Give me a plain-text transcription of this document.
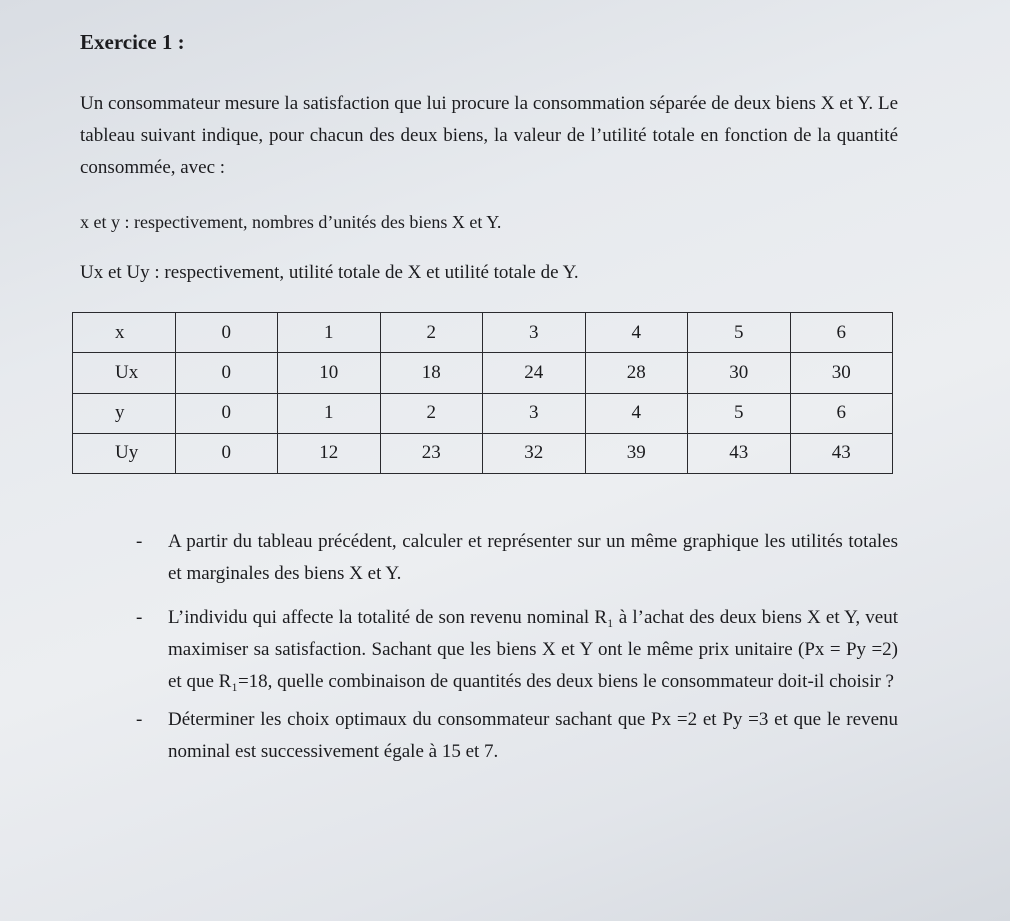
Exercice 1 :
Un consommateur mesure la satisfaction que lui procure la consommation séparée de deux biens X et Y. Le tableau suivant indique, pour chacun des deux biens, la valeur de l’utilité totale en fonction de la quantité consommée, avec :
x et y : respectivement, nombres d’unités des biens X et Y.
Ux et Uy : respectivement, utilité totale de X et utilité totale de Y.
x	0	1	2	3	4	5	6
Ux	0	10	18	24	28	30	30
y	0	1	2	3	4	5	6
Uy	0	12	23	32	39	43	43
- A partir du tableau précédent, calculer et représenter sur un même graphique les utilités totales et marginales des biens X et Y.
- L’individu qui affecte la totalité de son revenu nominal R₁ à l’achat des deux biens X et Y, veut maximiser sa satisfaction. Sachant que les biens X et Y ont le même prix unitaire (Px = Py =2) et que R₁=18, quelle combinaison de quantités des deux biens le consommateur doit-il choisir ?
- Déterminer les choix optimaux du consommateur sachant que Px =2 et Py =3 et que le revenu nominal est successivement égale à 15 et 7.
